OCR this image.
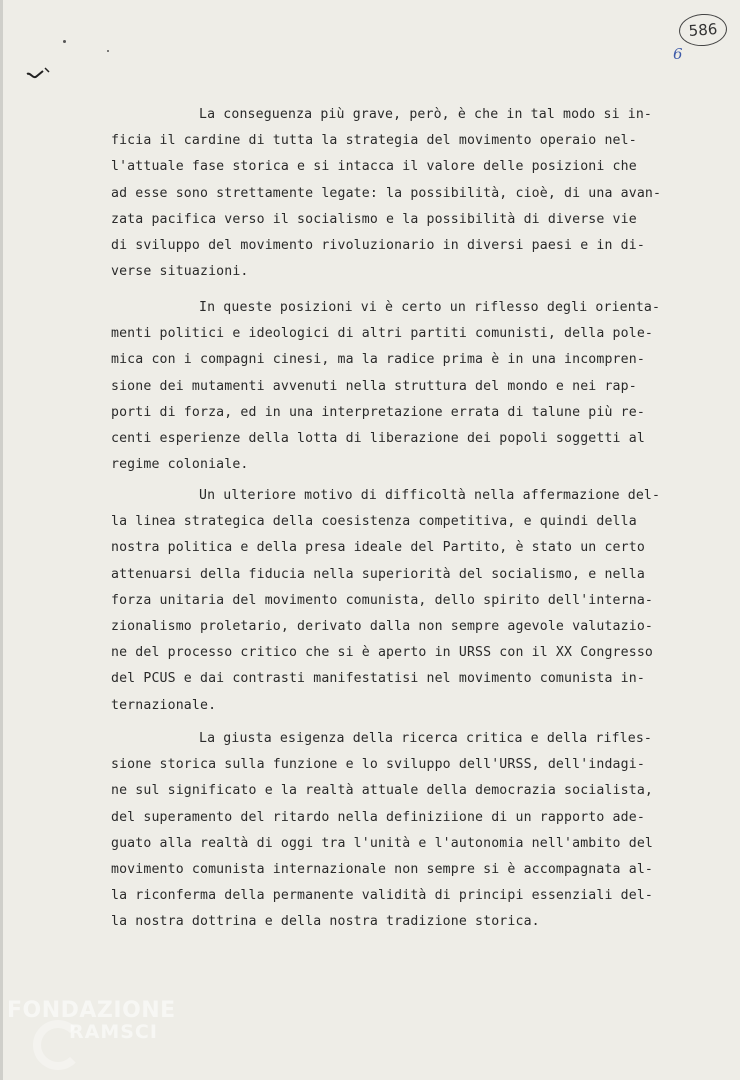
586
6

La conseguenza più grave, però, è che in tal modo si in-
ficia il cardine di tutta la strategia del movimento operaio nel-
l'attuale fase storica e si intacca il valore delle posizioni che
ad esse sono strettamente legate: la possibilità, cioè, di una avan-
zata pacifica verso il socialismo e la possibilità di diverse vie
di sviluppo del movimento rivoluzionario in diversi paesi e in di-
verse situazioni.

In queste posizioni vi è certo un riflesso degli orienta-
menti politici e ideologici di altri partiti comunisti, della pole-
mica con i compagni cinesi, ma la radice prima è in una incompren-
sione dei mutamenti avvenuti nella struttura del mondo e nei rap-
porti di forza, ed in una interpretazione errata di talune più re-
centi esperienze della lotta di liberazione dei popoli soggetti al
regime coloniale.

Un ulteriore motivo di difficoltà nella affermazione del-
la linea strategica della coesistenza competitiva, e quindi della
nostra politica e della presa ideale del Partito, è stato un certo
attenuarsi della fiducia nella superiorità del socialismo, e nella
forza unitaria del movimento comunista, dello spirito dell'interna-
zionalismo proletario, derivato dalla non sempre agevole valutazio-
ne del processo critico che si è aperto in URSS con il XX Congresso
del PCUS e dai contrasti manifestatisi nel movimento comunista in-
ternazionale.

La giusta esigenza della ricerca critica e della rifles-
sione storica sulla funzione e lo sviluppo dell'URSS, dell'indagi-
ne sul significato e la realtà attuale della democrazia socialista,
del superamento del ritardo nella definiziione di un rapporto ade-
guato alla realtà di oggi tra l'unità e l'autonomia nell'ambito del
movimento comunista internazionale non sempre si è accompagnata al-
la riconferma della permanente validità di principi essenziali del-
la nostra dottrina e della nostra tradizione storica.

FONDAZIONE
RAMSCI
